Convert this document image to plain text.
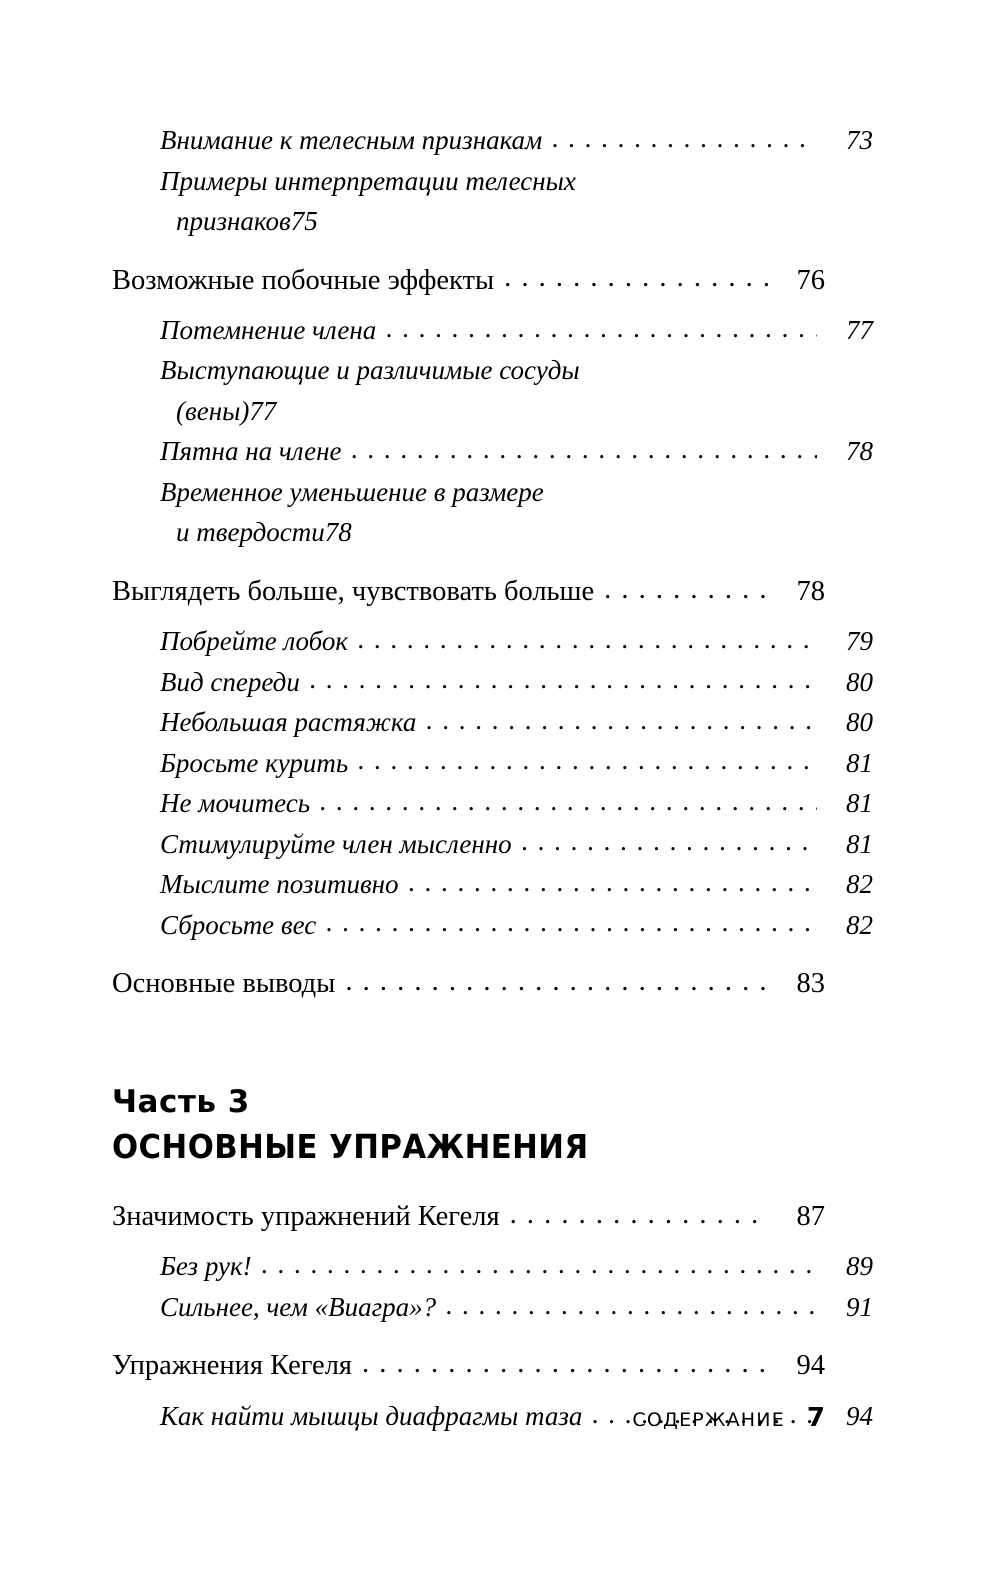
Внимание к телесным признакам . . .	73
Примеры интерпретации телесных
признаков 75
Возможные побочные эффекты . . .	76
Потемнение члена . . .	77
Выступающие и различимые сосуды
(вены) 77
Пятна на члене . . .	78
Временное уменьшение в размере
и твердости 78
Выглядеть больше, чувствовать больше . . .	78
Побрейте лобок . . .	79
Вид спереди . . .	80
Небольшая растяжка . . .	80
Бросьте курить . . .	81
Не мочитесь . . .	81
Стимулируйте член мысленно . . .	81
Мыслите позитивно . . .	82
Сбросьте вес . . .	82
Основные выводы . . .	83
Часть 3
ОСНОВНЫЕ УПРАЖНЕНИЯ
Значимость упражнений Кегеля . . .	87
Без рук! . . .	89
Сильнее, чем «Виагра»? . . .	91
Упражнения Кегеля . . .	94
Как найти мышцы диафрагмы таза . . .	94
СОДЕРЖАНИЕ 7
